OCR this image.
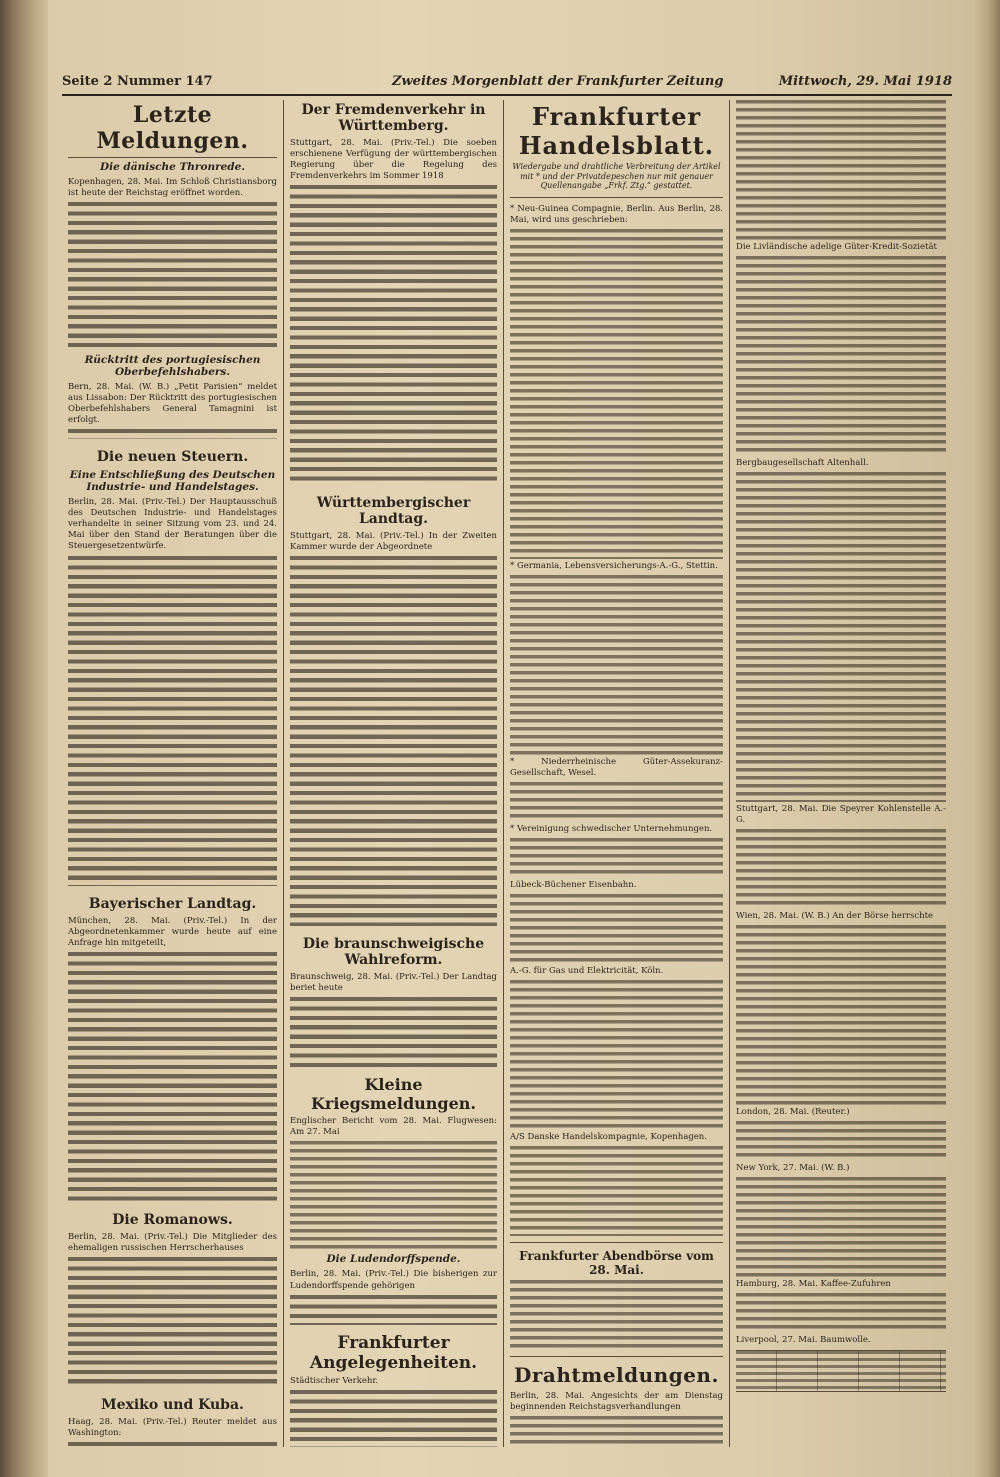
Seite 2 Nummer 147	Zweites Morgenblatt der Frankfurter Zeitung	Mittwoch, 29. Mai 1918
Letzte Meldungen.
Die dänische Thronrede.

Kopenhagen, 28. Mai. Im Schloß Christiansborg ist heute der Reichstag eröffnet worden.

Rücktritt des portugiesischen Oberbefehlshabers.

Bern, 28. Mai. (W. B.) „Petit Parisien“ meldet aus Lissabon: Der Rücktritt des portugiesischen Oberbefehlshabers General Tamagnini ist erfolgt.

Die neuen Steuern.
Eine Entschließung des Deutschen Industrie- und Handelstages.

Berlin, 28. Mai. (Priv.-Tel.) Der Hauptausschuß des Deutschen Industrie- und Handelstages verhandelte in seiner Sitzung vom 23. und 24. Mai über den Stand der Beratungen über die Steuergesetzentwürfe.

Bayerischer Landtag.

München, 28. Mai. (Priv.-Tel.) In der Abgeordnetenkammer wurde heute auf eine Anfrage hin mitgeteilt,

Die Romanows.

Berlin, 28. Mai. (Priv.-Tel.) Die Mitglieder des ehemaligen russischen Herrscherhauses

Mexiko und Kuba.

Haag, 28. Mai. (Priv.-Tel.) Reuter meldet aus Washington:

Der Fremdenverkehr in Württemberg.

Stuttgart, 28. Mai. (Priv.-Tel.) Die soeben erschienene Verfügung der württembergischen Regierung über die Regelung des Fremdenverkehrs im Sommer 1918

Württembergischer Landtag.

Stuttgart, 28. Mai. (Priv.-Tel.) In der Zweiten Kammer wurde der Abgeordnete

Die braunschweigische Wahlreform.

Braunschweig, 28. Mai. (Priv.-Tel.) Der Landtag beriet heute

Kleine Kriegsmeldungen.

Englischer Bericht vom 28. Mai. Flugwesen: Am 27. Mai

Die Ludendorffspende.

Berlin, 28. Mai. (Priv.-Tel.) Die bisherigen zur Ludendorffspende gehörigen

Frankfurter Angelegenheiten.

Städtischer Verkehr.

Frankfurter Handelsblatt.
Wiedergabe und drahtliche Verbreitung der Artikel mit * und der Privatdepeschen nur mit genauer Quellenangabe „Frkf. Ztg.“ gestattet.

* Neu-Guinea Compagnie, Berlin. Aus Berlin, 28. Mai, wird uns geschrieben:

* Germania, Lebensversicherungs-A.-G., Stettin.

* Niederrheinische Güter-Assekuranz-Gesellschaft, Wesel.

* Vereinigung schwedischer Unternehmungen.

Lübeck-Büchener Eisenbahn.

A.-G. für Gas und Elektricität, Köln.

A/S Danske Handelskompagnie, Kopenhagen.

Frankfurter Abendbörse vom 28. Mai.
Drahtmeldungen.

Berlin, 28. Mai. Angesichts der am Dienstag beginnenden Reichstagsverhandlungen

Die Livländische adelige Güter-Kredit-Sozietät

Bergbaugesellschaft Altenhall.

Stuttgart, 28. Mai. Die Speyrer Kohlenstelle A.-G.

Wien, 28. Mai. (W. B.) An der Börse herrschte

London, 28. Mai. (Reuter.)

New York, 27. Mai. (W. B.)

Hamburg, 28. Mai. Kaffee-Zufuhren

Liverpool, 27. Mai. Baumwolle.
